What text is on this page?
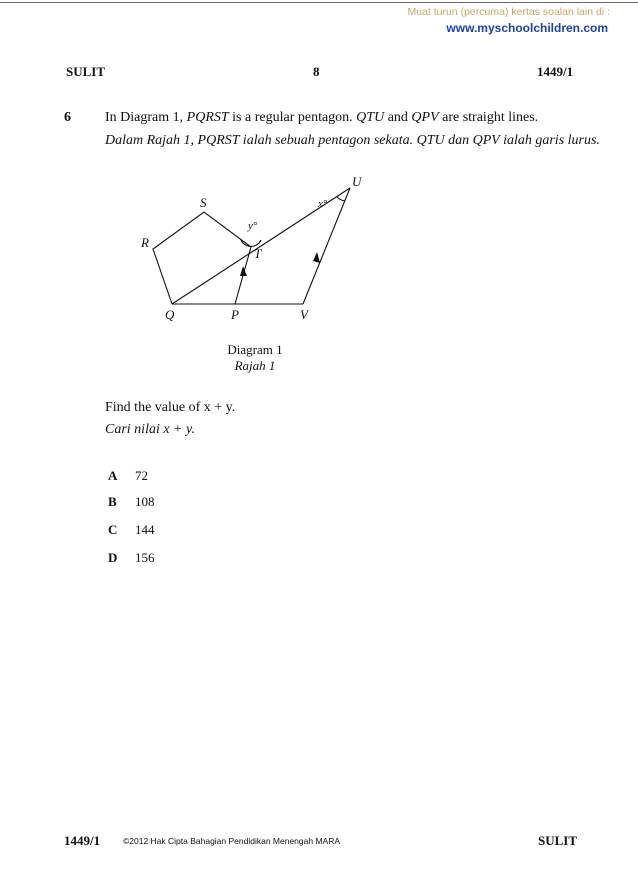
Muat turun (percuma) kertas soalan lain di :
www.myschoolchildren.com
SULIT	8	1449/1
6 In Diagram 1, PQRST is a regular pentagon. QTU and QPV are straight lines.
Dalam Rajah 1, PQRST ialah sebuah pentagon sekata. QTU dan QPV ialah garis lurus.
S
R
T
Q	P	V
U
x°
y°
Diagram 1
Rajah 1
Find the value of x + y.
Cari nilai x + y.
A 72
B 108
C 144
D 156
1449/1	©2012 Hak Cipta Bahagian Pendidikan Menengah MARA	SULIT
